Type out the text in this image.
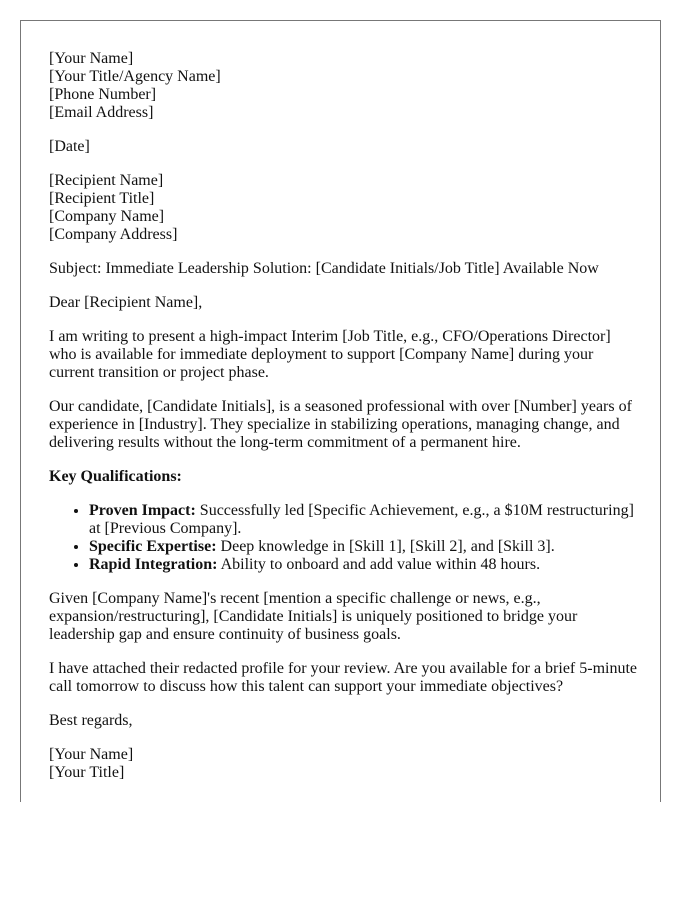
[Your Name]
[Your Title/Agency Name]
[Phone Number]
[Email Address]
[Date]
[Recipient Name]
[Recipient Title]
[Company Name]
[Company Address]
Subject: Immediate Leadership Solution: [Candidate Initials/Job Title] Available Now
Dear [Recipient Name],

I am writing to present a high-impact Interim [Job Title, e.g., CFO/Operations Director] who is available for immediate deployment to support [Company Name] during your current transition or project phase.

Our candidate, [Candidate Initials], is a seasoned professional with over [Number] years of experience in [Industry]. They specialize in stabilizing operations, managing change, and delivering results without the long-term commitment of a permanent hire.

Key Qualifications:

• Proven Impact: Successfully led [Specific Achievement, e.g., a $10M restructuring] at [Previous Company].
• Specific Expertise: Deep knowledge in [Skill 1], [Skill 2], and [Skill 3].
• Rapid Integration: Ability to onboard and add value within 48 hours.

Given [Company Name]'s recent [mention a specific challenge or news, e.g., expansion/restructuring], [Candidate Initials] is uniquely positioned to bridge your leadership gap and ensure continuity of business goals.

I have attached their redacted profile for your review. Are you available for a brief 5-minute call tomorrow to discuss how this talent can support your immediate objectives?

Best regards,
[Your Name]
[Your Title]
